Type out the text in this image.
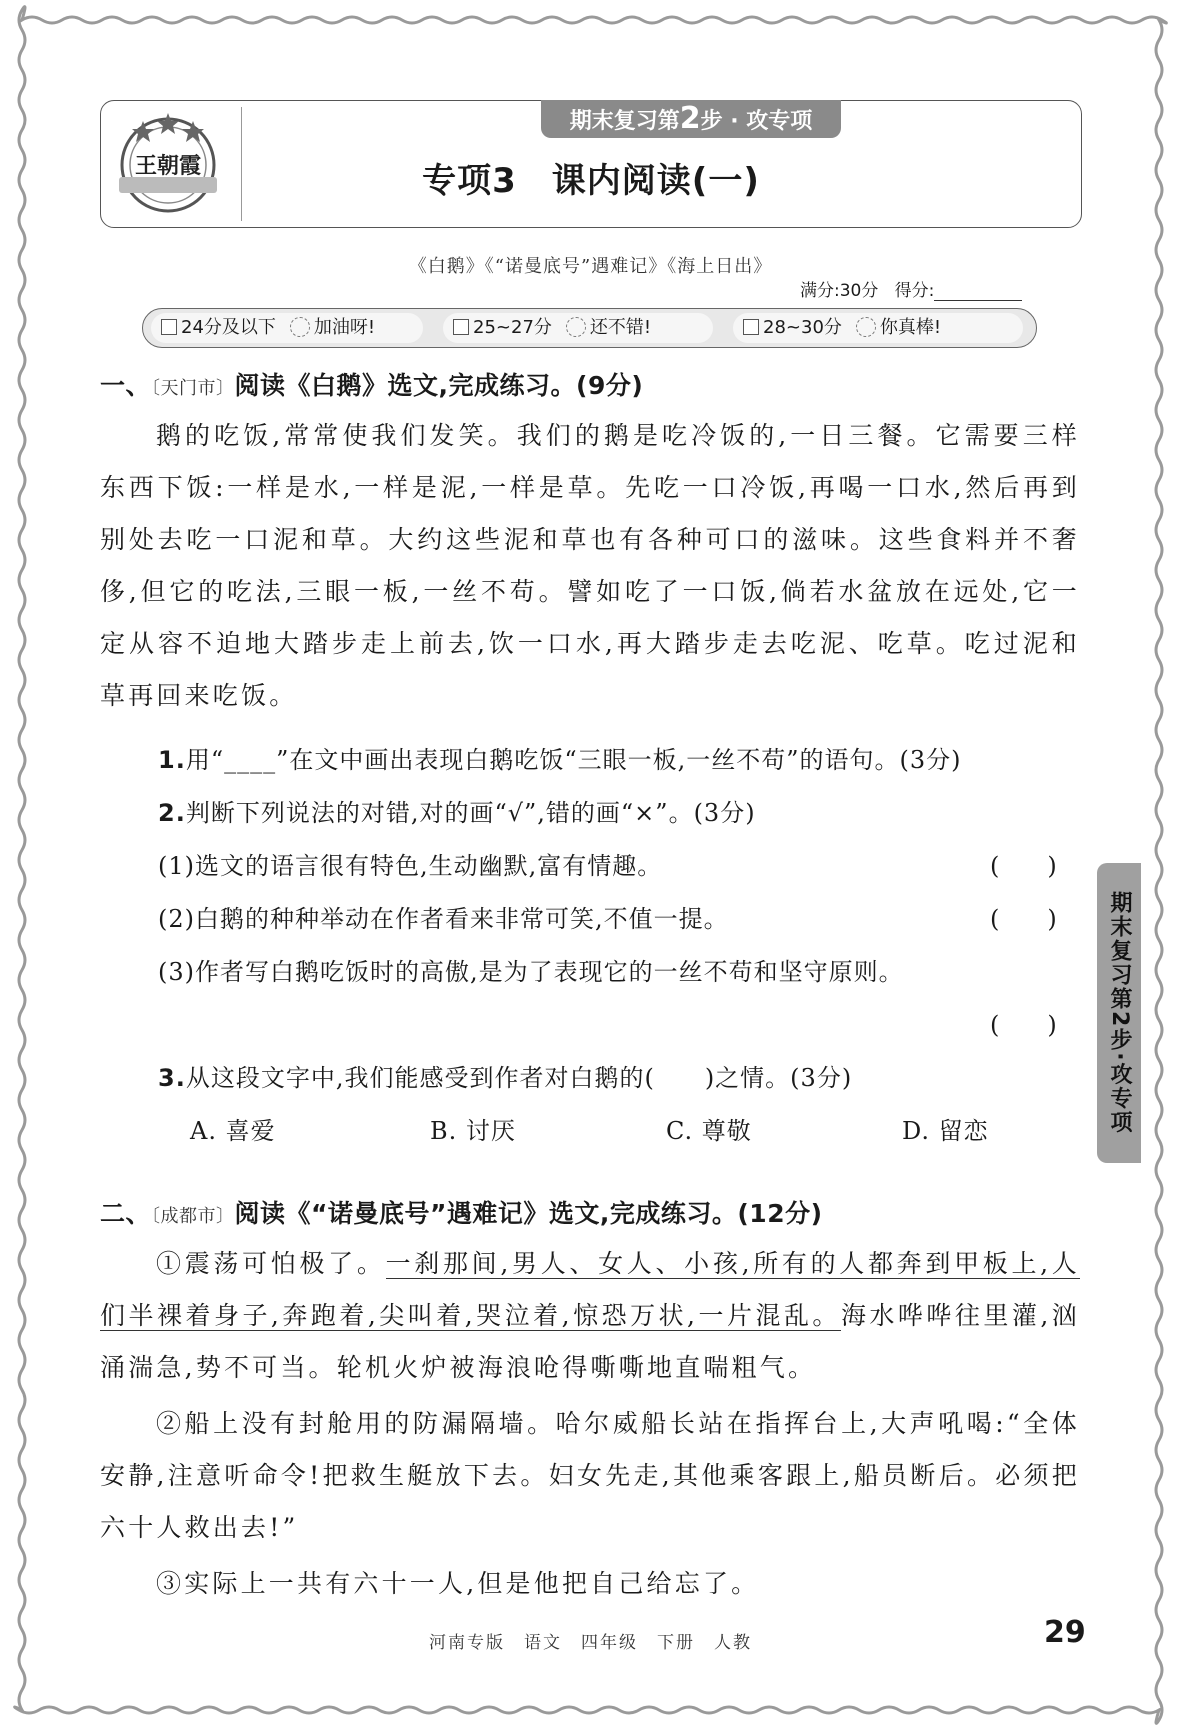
王朝霞
期末复习第2步 · 攻专项
专项3　课内阅读(一)
《白鹅》《“诺曼底号”遇难记》《海上日出》
满分:30分 得分:
24分及以下 加油呀!	25~27分 还不错!	28~30分 你真棒!
一、〔天门市〕阅读《白鹅》选文,完成练习。(9分)
鹅的吃饭,常常使我们发笑。我们的鹅是吃冷饭的,一日三餐。它需要三样东西下饭:一样是水,一样是泥,一样是草。先吃一口冷饭,再喝一口水,然后再到别处去吃一口泥和草。大约这些泥和草也有各种可口的滋味。这些食料并不奢侈,但它的吃法,三眼一板,一丝不苟。譬如吃了一口饭,倘若水盆放在远处,它一定从容不迫地大踏步走上前去,饮一口水,再大踏步走去吃泥、吃草。吃过泥和草再回来吃饭。
1.用“____”在文中画出表现白鹅吃饭“三眼一板,一丝不苟”的语句。(3分)
2.判断下列说法的对错,对的画“√”,错的画“×”。(3分)
(1)选文的语言很有特色,生动幽默,富有情趣。	(　　)
(2)白鹅的种种举动在作者看来非常可笑,不值一提。	(　　)
(3)作者写白鹅吃饭时的高傲,是为了表现它的一丝不苟和坚守原则。
(　　)
3.从这段文字中,我们能感受到作者对白鹅的(　　)之情。(3分)
A. 喜爱	B. 讨厌	C. 尊敬	D. 留恋	期末复习第2步·攻专项
二、〔成都市〕阅读《“诺曼底号”遇难记》选文,完成练习。(12分)
①震荡可怕极了。一刹那间,男人、女人、小孩,所有的人都奔到甲板上,人们半裸着身子,奔跑着,尖叫着,哭泣着,惊恐万状,一片混乱。海水哗哗往里灌,汹涌湍急,势不可当。轮机火炉被海浪呛得嘶嘶地直喘粗气。
②船上没有封舱用的防漏隔墙。哈尔威船长站在指挥台上,大声吼喝:“全体安静,注意听命令!把救生艇放下去。妇女先走,其他乘客跟上,船员断后。必须把六十人救出去!”
③实际上一共有六十一人,但是他把自己给忘了。
河南专版　语文　四年级　下册　人教	29
